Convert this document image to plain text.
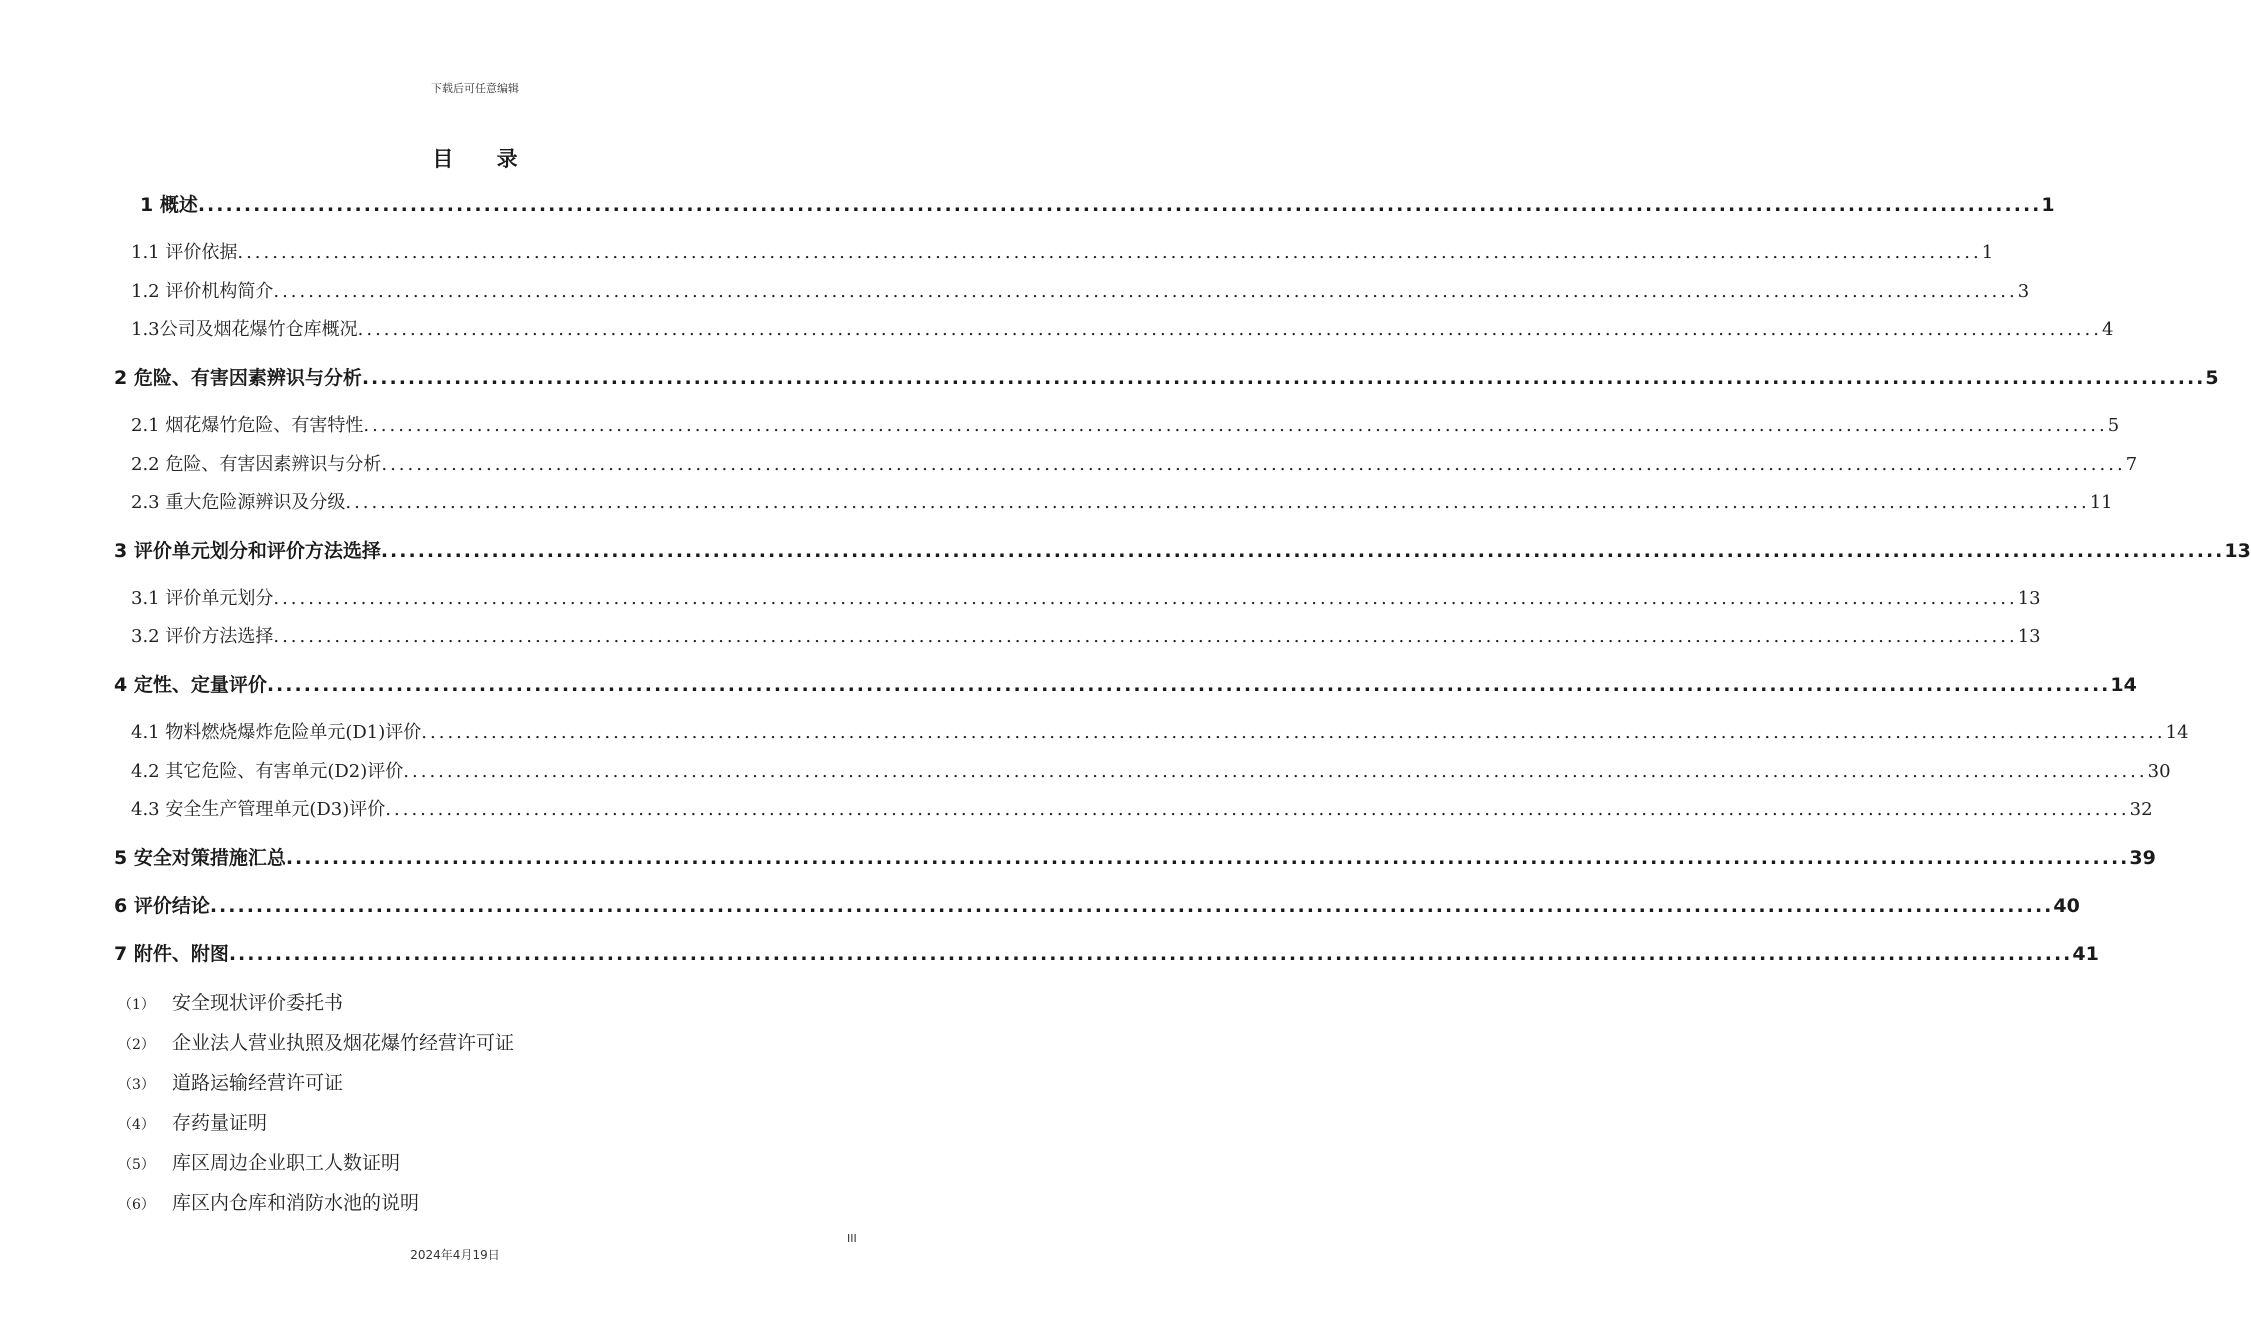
下载后可任意编辑
目 录
1 概述 ........................................................................................................................................................................................................ 1
1.1 评价依据 ........................................................................................................................................................................................................ 1
1.2 评价机构简介 ........................................................................................................................................................................................................ 3
1.3公司及烟花爆竹仓库概况 ........................................................................................................................................................................................................ 4
2 危险、有害因素辨识与分析 ........................................................................................................................................................................................................ 5
2.1 烟花爆竹危险、有害特性 ........................................................................................................................................................................................................ 5
2.2 危险、有害因素辨识与分析 ........................................................................................................................................................................................................ 7
2.3 重大危险源辨识及分级 ........................................................................................................................................................................................................ 11
3 评价单元划分和评价方法选择 ........................................................................................................................................................................................................ 13
3.1 评价单元划分 ........................................................................................................................................................................................................ 13
3.2 评价方法选择 ........................................................................................................................................................................................................ 13
4 定性、定量评价 ........................................................................................................................................................................................................ 14
4.1 物料燃烧爆炸危险单元(D1)评价 ........................................................................................................................................................................................................ 14
4.2 其它危险、有害单元(D2)评价 ........................................................................................................................................................................................................ 30
4.3 安全生产管理单元(D3)评价 ........................................................................................................................................................................................................ 32
5 安全对策措施汇总 ........................................................................................................................................................................................................ 39
6 评价结论 ........................................................................................................................................................................................................ 40
7 附件、附图 ........................................................................................................................................................................................................ 41
（1） 安全现状评价委托书
（2） 企业法人营业执照及烟花爆竹经营许可证
（3） 道路运输经营许可证
（4） 存药量证明
（5） 库区周边企业职工人数证明
（6） 库区内仓库和消防水池的说明
III
2024年4月19日
